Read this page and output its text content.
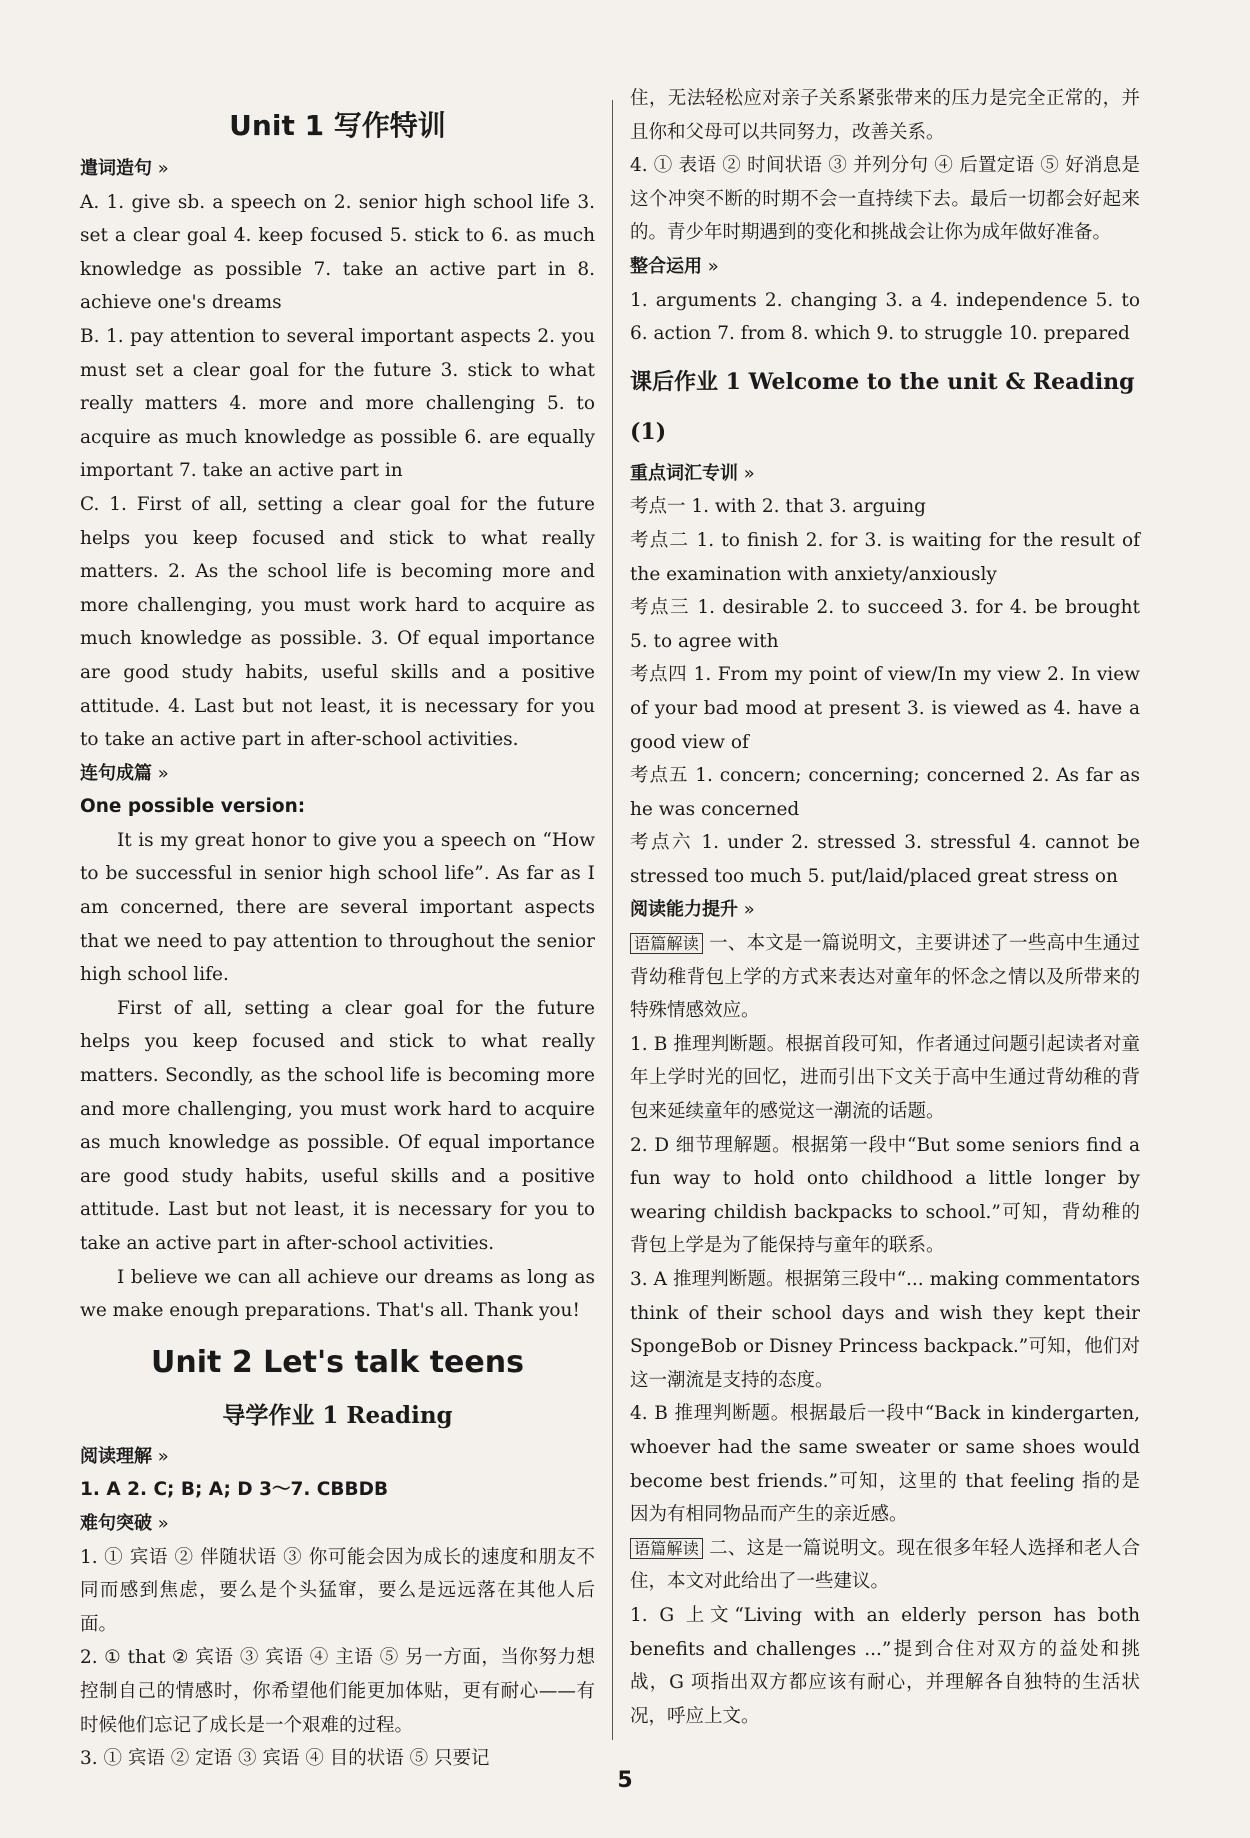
Unit 1 写作特训
遣词造句 »

A. 1. give sb. a speech on 2. senior high school life 3. set a clear goal 4. keep focused 5. stick to 6. as much knowledge as possible 7. take an active part in 8. achieve one's dreams

B. 1. pay attention to several important aspects 2. you must set a clear goal for the future 3. stick to what really matters 4. more and more challenging 5. to acquire as much knowledge as possible 6. are equally important 7. take an active part in

C. 1. First of all, setting a clear goal for the future helps you keep focused and stick to what really matters. 2. As the school life is becoming more and more challenging, you must work hard to acquire as much knowledge as possible. 3. Of equal importance are good study habits, useful skills and a positive attitude. 4. Last but not least, it is necessary for you to take an active part in after-school activities.

连句成篇 »
One possible version:

It is my great honor to give you a speech on “How to be successful in senior high school life”. As far as I am concerned, there are several important aspects that we need to pay attention to throughout the senior high school life.

First of all, setting a clear goal for the future helps you keep focused and stick to what really matters. Secondly, as the school life is becoming more and more challenging, you must work hard to acquire as much knowledge as possible. Of equal importance are good study habits, useful skills and a positive attitude. Last but not least, it is necessary for you to take an active part in after-school activities.

I believe we can all achieve our dreams as long as we make enough preparations. That's all. Thank you!

Unit 2 Let's talk teens
导学作业 1 Reading
阅读理解 »
1. A 2. C; B; A; D 3～7. CBBDB
难句突破 »

1. ① 宾语 ② 伴随状语 ③ 你可能会因为成长的速度和朋友不同而感到焦虑，要么是个头猛窜，要么是远远落在其他人后面。

2. ① that ② 宾语 ③ 宾语 ④ 主语 ⑤ 另一方面，当你努力想控制自己的情感时，你希望他们能更加体贴，更有耐心——有时候他们忘记了成长是一个艰难的过程。

3. ① 宾语 ② 定语 ③ 宾语 ④ 目的状语 ⑤ 只要记

住，无法轻松应对亲子关系紧张带来的压力是完全正常的，并且你和父母可以共同努力，改善关系。

4. ① 表语 ② 时间状语 ③ 并列分句 ④ 后置定语 ⑤ 好消息是这个冲突不断的时期不会一直持续下去。最后一切都会好起来的。青少年时期遇到的变化和挑战会让你为成年做好准备。

整合运用 »

1. arguments 2. changing 3. a 4. independence 5. to 6. action 7. from 8. which 9. to struggle 10. prepared

课后作业 1 Welcome to the unit & Reading (1)
重点词汇专训 »

考点一 1. with 2. that 3. arguing

考点二 1. to finish 2. for 3. is waiting for the result of the examination with anxiety/anxiously

考点三 1. desirable 2. to succeed 3. for 4. be brought 5. to agree with

考点四 1. From my point of view/In my view 2. In view of your bad mood at present 3. is viewed as 4. have a good view of

考点五 1. concern; concerning; concerned 2. As far as he was concerned

考点六 1. under 2. stressed 3. stressful 4. cannot be stressed too much 5. put/laid/placed great stress on

阅读能力提升 »

语篇解读 一、本文是一篇说明文，主要讲述了一些高中生通过背幼稚背包上学的方式来表达对童年的怀念之情以及所带来的特殊情感效应。

1. B 推理判断题。根据首段可知，作者通过问题引起读者对童年上学时光的回忆，进而引出下文关于高中生通过背幼稚的背包来延续童年的感觉这一潮流的话题。

2. D 细节理解题。根据第一段中“But some seniors find a fun way to hold onto childhood a little longer by wearing childish backpacks to school.”可知，背幼稚的背包上学是为了能保持与童年的联系。

3. A 推理判断题。根据第三段中“... making commentators think of their school days and wish they kept their SpongeBob or Disney Princess backpack.”可知，他们对这一潮流是支持的态度。

4. B 推理判断题。根据最后一段中“Back in kindergarten, whoever had the same sweater or same shoes would become best friends.”可知，这里的 that feeling 指的是因为有相同物品而产生的亲近感。

语篇解读 二、这是一篇说明文。现在很多年轻人选择和老人合住，本文对此给出了一些建议。

1. G 上文“Living with an elderly person has both benefits and challenges ...”提到合住对双方的益处和挑战，G 项指出双方都应该有耐心，并理解各自独特的生活状况，呼应上文。

5
